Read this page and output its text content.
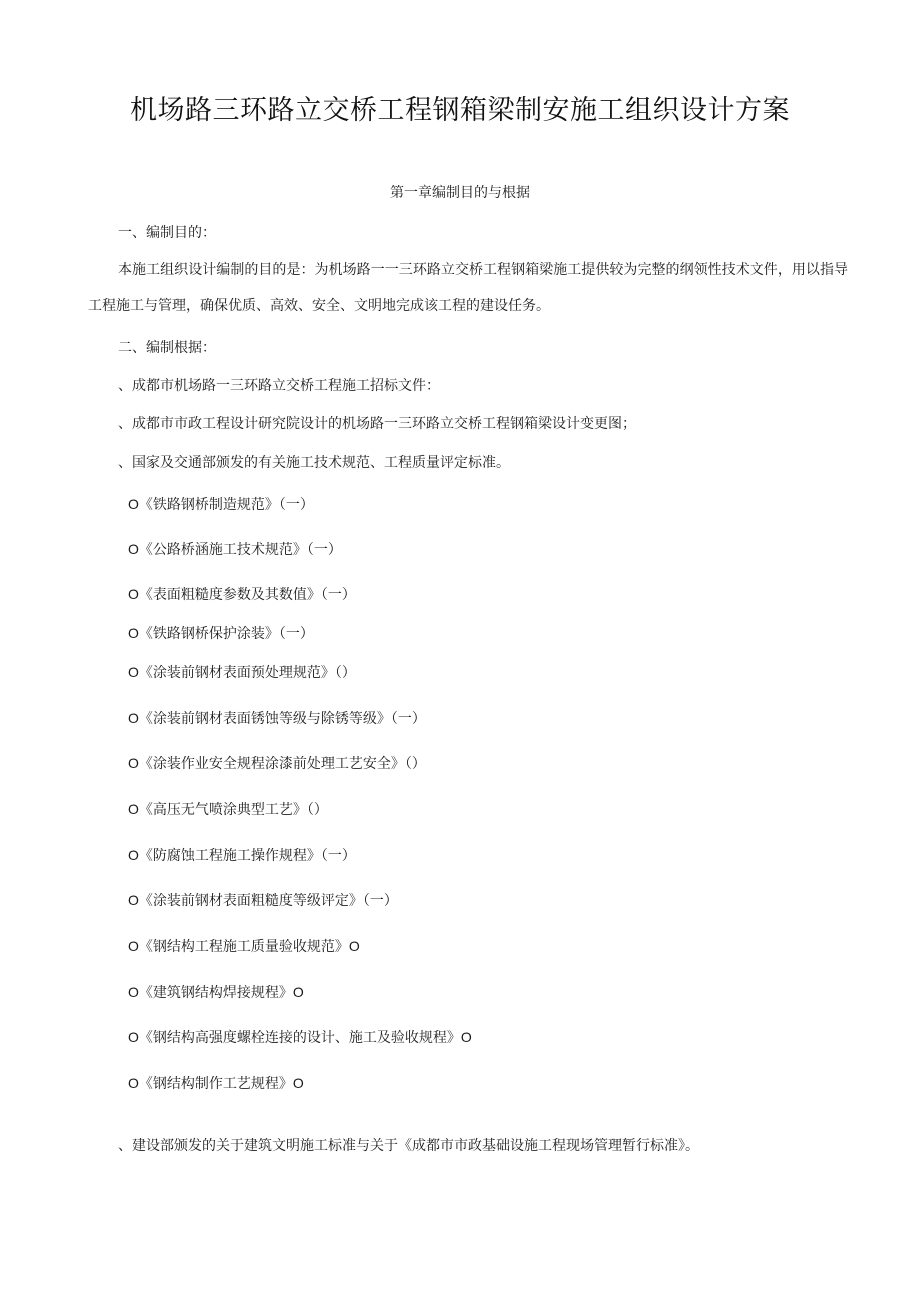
机场路三环路立交桥工程钢箱梁制安施工组织设计方案
第一章编制目的与根据
一、编制目的：
本施工组织设计编制的目的是：为机场路一一三环路立交桥工程钢箱梁施工提供较为完整的纲领性技术文件，用以指导工程施工与管理，确保优质、高效、安全、文明地完成该工程的建设任务。
二、编制根据：
、成都市机场路一三环路立交桥工程施工招标文件：
、成都市市政工程设计研究院设计的机场路一三环路立交桥工程钢箱梁设计变更图；
、国家及交通部颁发的有关施工技术规范、工程质量评定标准。
O《铁路钢桥制造规范》（一）
O《公路桥涵施工技术规范》（一）
O《表面粗糙度参数及其数值》（一）
O《铁路钢桥保护涂装》（一）
O《涂装前钢材表面预处理规范》（）
O《涂装前钢材表面锈蚀等级与除锈等级》（一）
O《涂装作业安全规程涂漆前处理工艺安全》（）
O《高压无气喷涂典型工艺》（）
O《防腐蚀工程施工操作规程》（一）
O《涂装前钢材表面粗糙度等级评定》（一）
O《钢结构工程施工质量验收规范》O
O《建筑钢结构焊接规程》O
O《钢结构高强度螺栓连接的设计、施工及验收规程》O
O《钢结构制作工艺规程》O
、建设部颁发的关于建筑文明施工标准与关于《成都市市政基础设施工程现场管理暂行标准》。
